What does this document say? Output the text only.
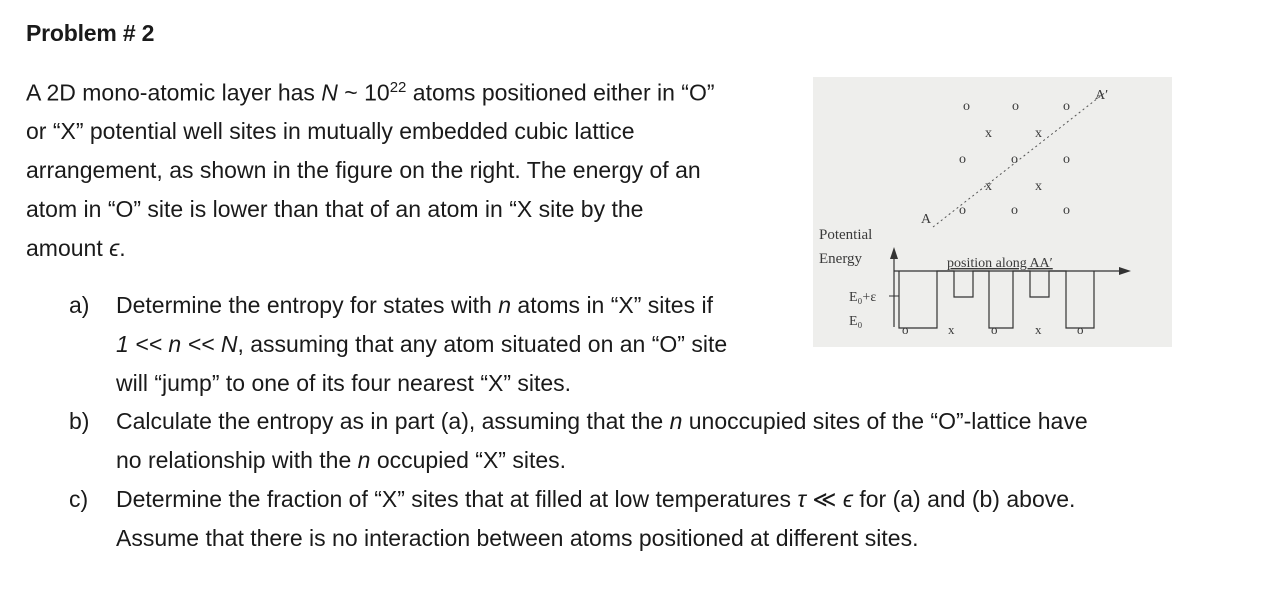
Problem # 2

A 2D mono-atomic layer has N ~ $10^{22}$ atoms positioned either in “O”
or “X” potential well sites in mutually embedded cubic lattice
arrangement, as shown in the figure on the right. The energy of an
atom in “O” site is lower than that of an atom in “X site by the
amount ϵ.

a) Determine the entropy for states with n atoms in “X” sites if
1 << n << N, assuming that any atom situated on an “O” site
will “jump” to one of its four nearest “X” sites.
b) Calculate the entropy as in part (a), assuming that the n unoccupied sites of the “O”-lattice have
no relationship with the n occupied “X” sites.
c) Determine the fraction of “X” sites that at filled at low temperatures τ ≪ ϵ for (a) and (b) above.
Assume that there is no interaction between atoms positioned at different sites.
o	o	o
A′
x	x
o	o	o
x	x
A
o	o	o
Potential
Energy	position along AA′
E₀+ε
E₀
o	x	o	x	o
